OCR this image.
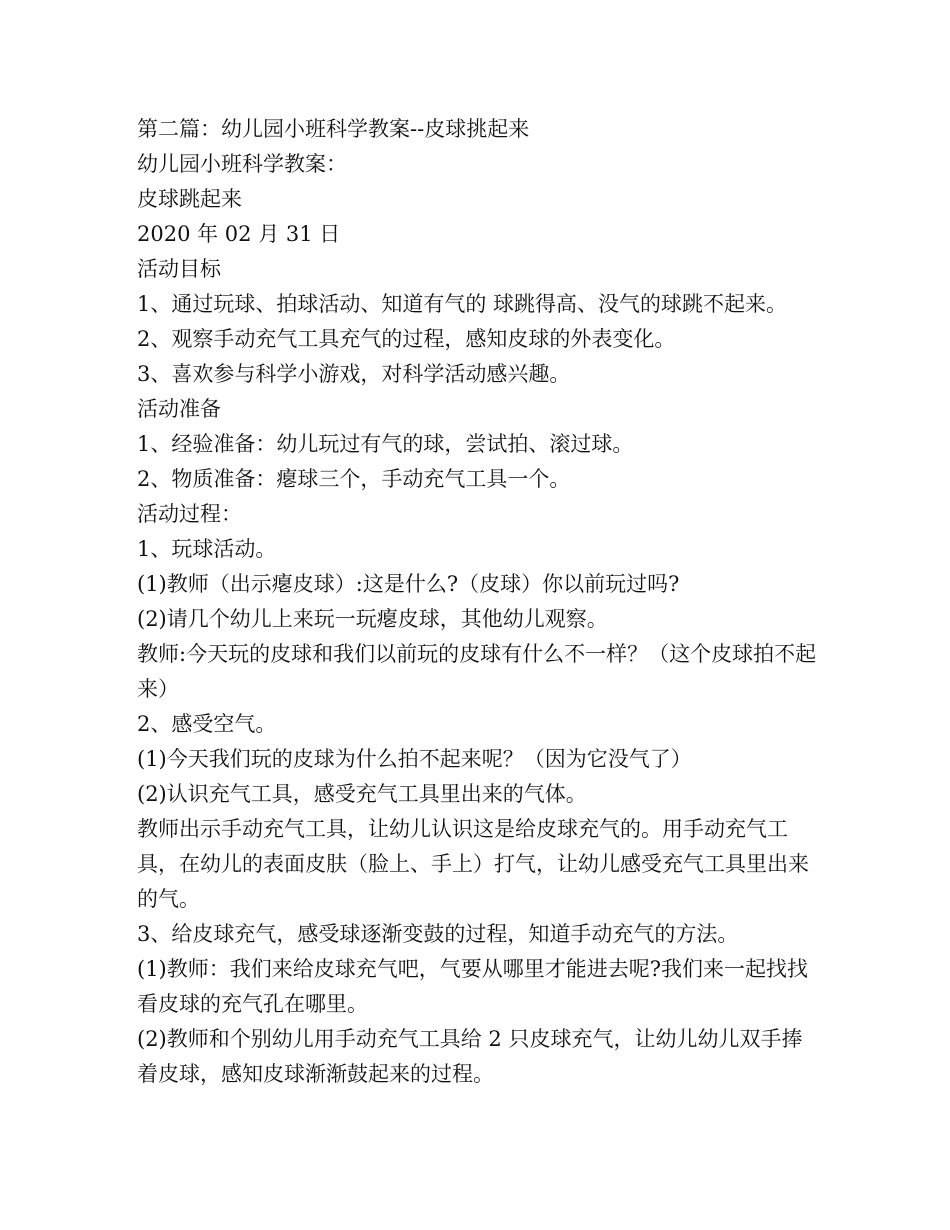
第二篇：幼儿园小班科学教案--皮球挑起来
幼儿园小班科学教案：
皮球跳起来
2020 年 02 月 31 日
活动目标
1、通过玩球、拍球活动、知道有气的 球跳得高、没气的球跳不起来。
2、观察手动充气工具充气的过程，感知皮球的外表变化。
3、喜欢参与科学小游戏，对科学活动感兴趣。
活动准备
1、经验准备：幼儿玩过有气的球，尝试拍、滚过球。
2、物质准备：瘪球三个，手动充气工具一个。
活动过程：
1、玩球活动。
(1)教师（出示瘪皮球）:这是什么?（皮球）你以前玩过吗?
(2)请几个幼儿上来玩一玩瘪皮球，其他幼儿观察。
教师:今天玩的皮球和我们以前玩的皮球有什么不一样？（这个皮球拍不起来）
2、感受空气。
(1)今天我们玩的皮球为什么拍不起来呢？（因为它没气了）
(2)认识充气工具，感受充气工具里出来的气体。
教师出示手动充气工具，让幼儿认识这是给皮球充气的。用手动充气工具，在幼儿的表面皮肤（脸上、手上）打气，让幼儿感受充气工具里出来的气。
3、给皮球充气，感受球逐渐变鼓的过程，知道手动充气的方法。
(1)教师：我们来给皮球充气吧，气要从哪里才能进去呢?我们来一起找找看皮球的充气孔在哪里。
(2)教师和个别幼儿用手动充气工具给 2 只皮球充气，让幼儿幼儿双手捧着皮球，感知皮球渐渐鼓起来的过程。
